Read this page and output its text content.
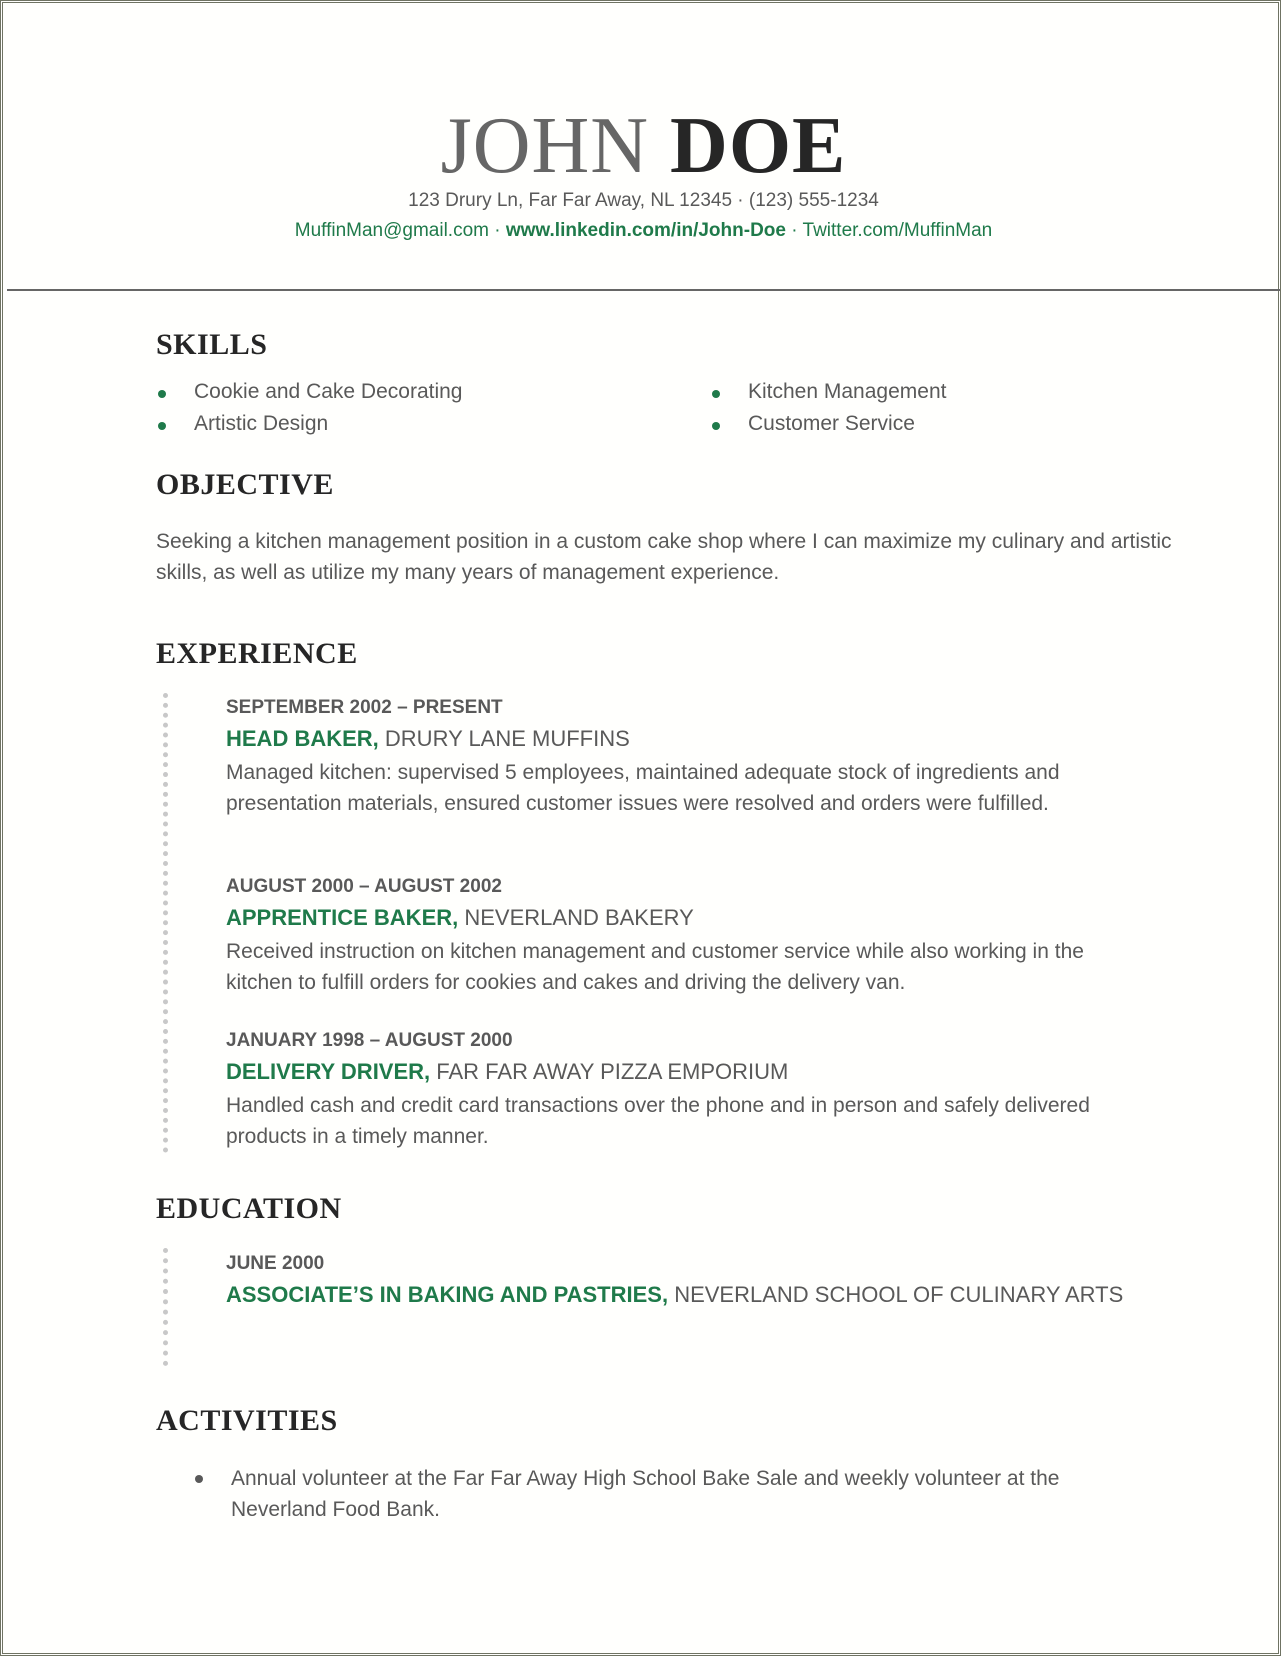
JOHN DOE
123 Drury Ln, Far Far Away, NL 12345 · (123) 555-1234
MuffinMan@gmail.com · www.linkedin.com/in/John-Doe · Twitter.com/MuffinMan
SKILLS
Cookie and Cake Decorating
Artistic Design
Kitchen Management
Customer Service
OBJECTIVE
Seeking a kitchen management position in a custom cake shop where I can maximize my culinary and artistic skills, as well as utilize my many years of management experience.
EXPERIENCE
SEPTEMBER 2002 – PRESENT
HEAD BAKER, DRURY LANE MUFFINS
Managed kitchen: supervised 5 employees, maintained adequate stock of ingredients and presentation materials, ensured customer issues were resolved and orders were fulfilled.
AUGUST 2000 – AUGUST 2002
APPRENTICE BAKER, NEVERLAND BAKERY
Received instruction on kitchen management and customer service while also working in the kitchen to fulfill orders for cookies and cakes and driving the delivery van.
JANUARY 1998 – AUGUST 2000
DELIVERY DRIVER, FAR FAR AWAY PIZZA EMPORIUM
Handled cash and credit card transactions over the phone and in person and safely delivered products in a timely manner.
EDUCATION
JUNE 2000
ASSOCIATE’S IN BAKING AND PASTRIES, NEVERLAND SCHOOL OF CULINARY ARTS
ACTIVITIES
Annual volunteer at the Far Far Away High School Bake Sale and weekly volunteer at the Neverland Food Bank.
